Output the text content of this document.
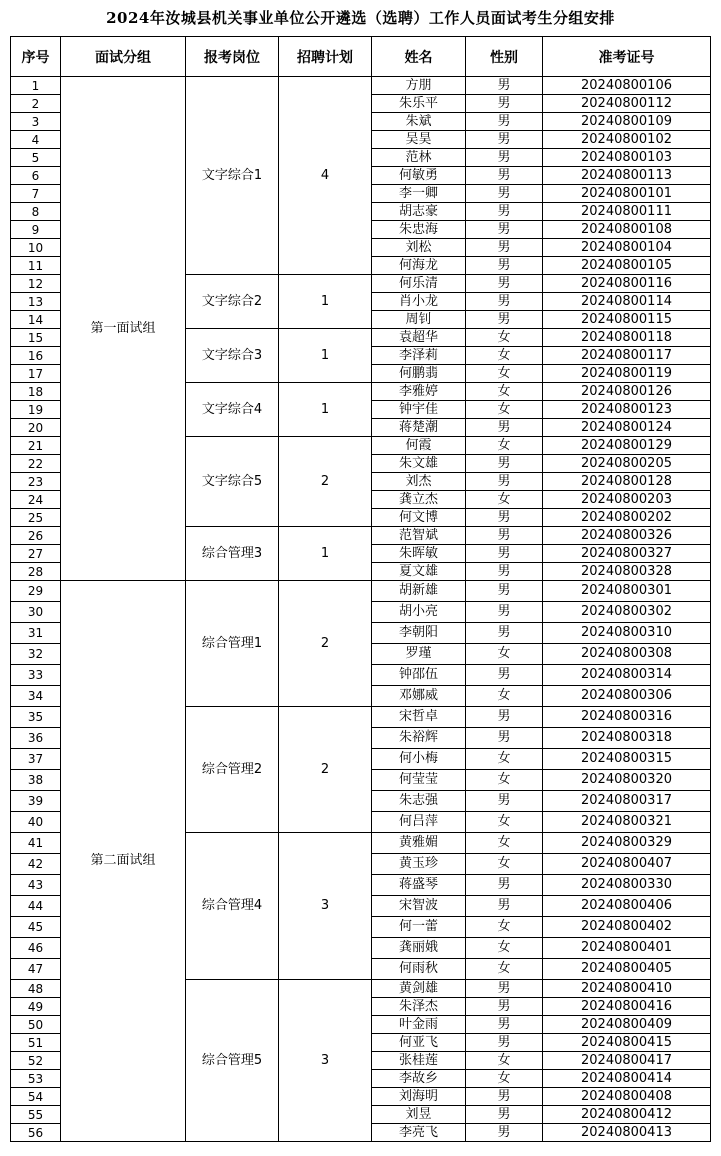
2024年汝城县机关事业单位公开遴选（选聘）工作人员面试考生分组安排
序号	面试分组	报考岗位	招聘计划	姓名	性别	准考证号
1	第一面试组	文字综合1	4	方朋	男	20240800106
2				朱乐平	男	20240800112
3				朱斌	男	20240800109
4				吴昊	男	20240800102
5				范林	男	20240800103
6				何敏勇	男	20240800113
7				李一卿	男	20240800101
8				胡志豪	男	20240800111
9				朱忠海	男	20240800108
10				刘松	男	20240800104
11				何海龙	男	20240800105
12		文字综合2	1	何乐清	男	20240800116
13				肖小龙	男	20240800114
14				周钊	男	20240800115
15		文字综合3	1	袁超华	女	20240800118
16				李泽莉	女	20240800117
17				何鹏翡	女	20240800119
18		文字综合4	1	李雅婷	女	20240800126
19				钟宇佳	女	20240800123
20				蒋楚潮	男	20240800124
21		文字综合5	2	何霞	女	20240800129
22				朱文雄	男	20240800205
23				刘杰	男	20240800128
24				龚立杰	女	20240800203
25				何文博	男	20240800202
26		综合管理3	1	范智斌	男	20240800326
27				朱晖敏	男	20240800327
28				夏文雄	男	20240800328
29	第二面试组	综合管理1	2	胡新雄	男	20240800301
30				胡小亮	男	20240800302
31				李朝阳	男	20240800310
32				罗瑾	女	20240800308
33				钟邵伍	男	20240800314
34				邓娜威	女	20240800306
35		综合管理2	2	宋哲卓	男	20240800316
36				朱裕辉	男	20240800318
37				何小梅	女	20240800315
38				何莹莹	女	20240800320
39				朱志强	男	20240800317
40				何吕萍	女	20240800321
41		综合管理4	3	黄雅媚	女	20240800329
42				黄玉珍	女	20240800407
43				蒋盛琴	男	20240800330
44				宋智波	男	20240800406
45				何一蕾	女	20240800402
46				龚丽娥	女	20240800401
47				何雨秋	女	20240800405
48		综合管理5	3	黄剑雄	男	20240800410
49				朱泽杰	男	20240800416
50				叶金雨	男	20240800409
51				何亚飞	男	20240800415
52				张桂莲	女	20240800417
53				李故乡	女	20240800414
54				刘海明	男	20240800408
55				刘昱	男	20240800412
56				李亮飞	男	20240800413
